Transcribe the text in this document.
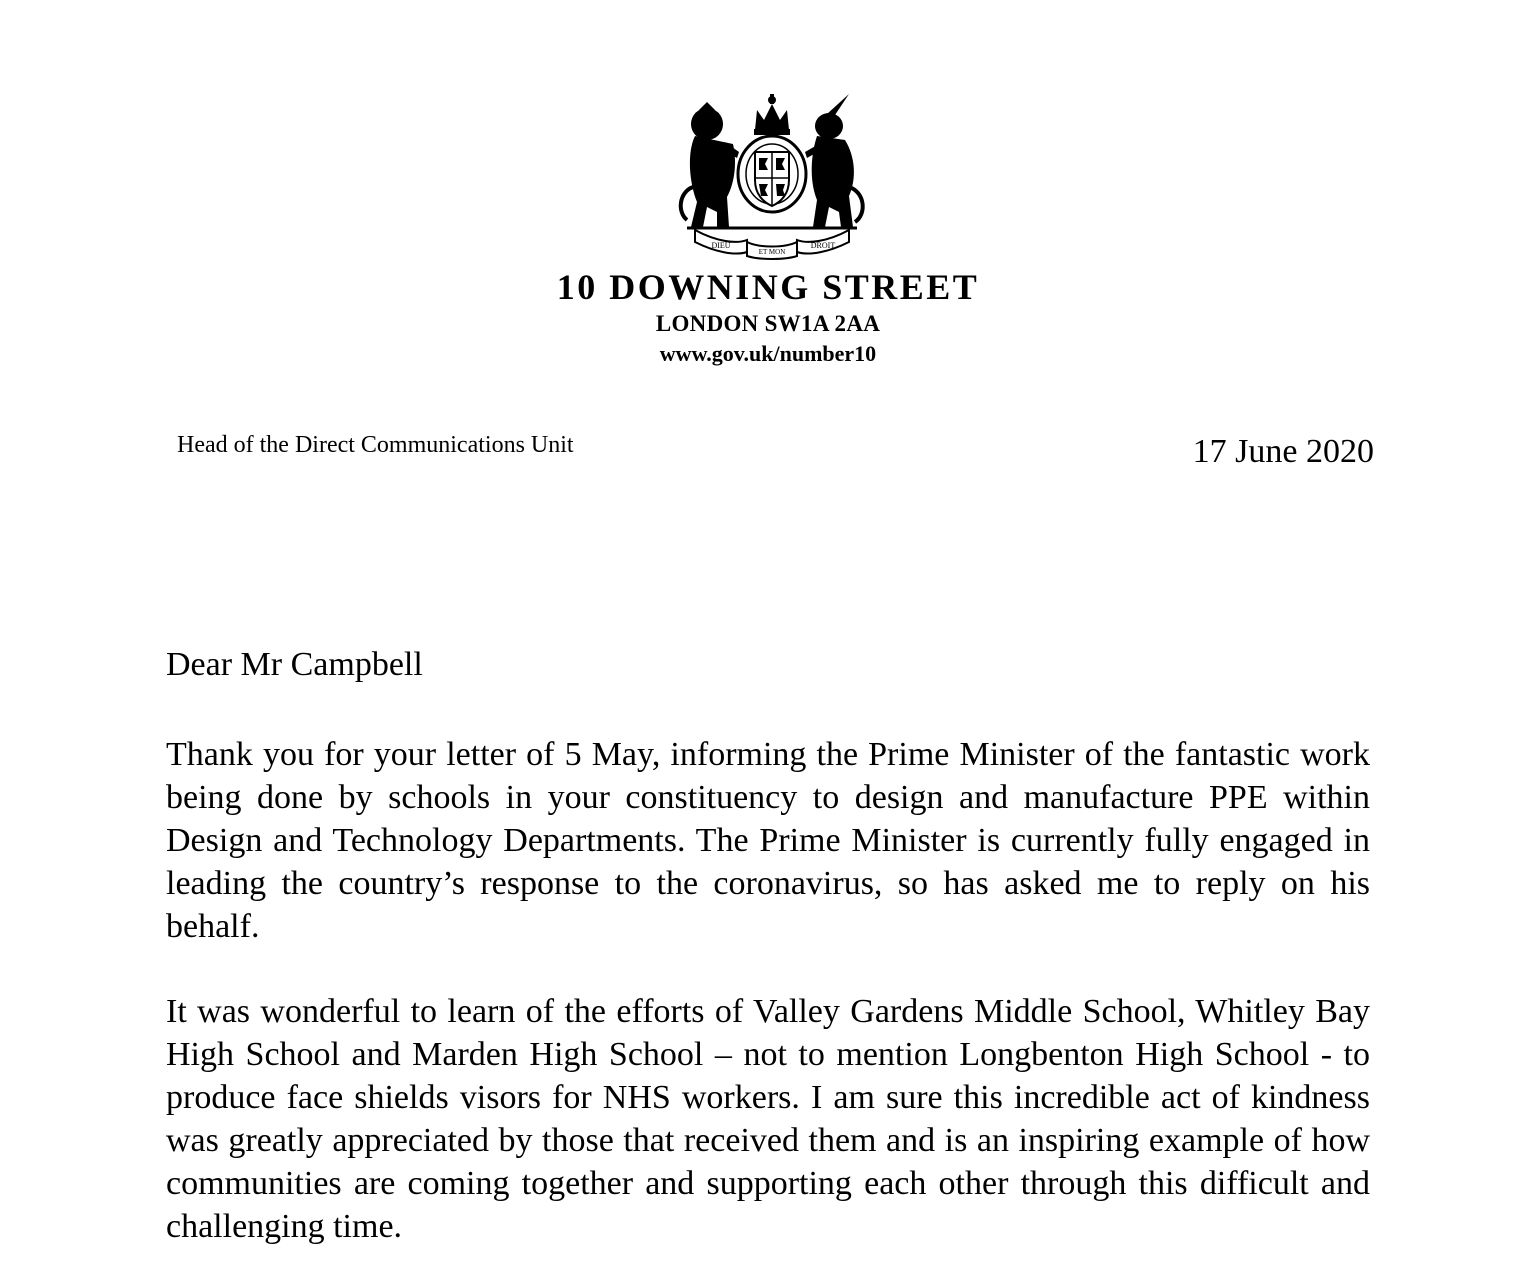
DIEU
ET MON
DROIT
10 DOWNING STREET
LONDON SW1A 2AA
www.gov.uk/number10
Head of the Direct Communications Unit	17 June 2020
Dear Mr Campbell

Thank you for your letter of 5 May, informing the Prime Minister of the fantastic work being done by schools in your constituency to design and manufacture PPE within Design and Technology Departments. The Prime Minister is currently fully engaged in leading the country’s response to the coronavirus, so has asked me to reply on his behalf.

It was wonderful to learn of the efforts of Valley Gardens Middle School, Whitley Bay High School and Marden High School – not to mention Longbenton High School - to produce face shields visors for NHS workers. I am sure this incredible act of kindness was greatly appreciated by those that received them and is an inspiring example of how communities are coming together and supporting each other through this difficult and challenging time.
